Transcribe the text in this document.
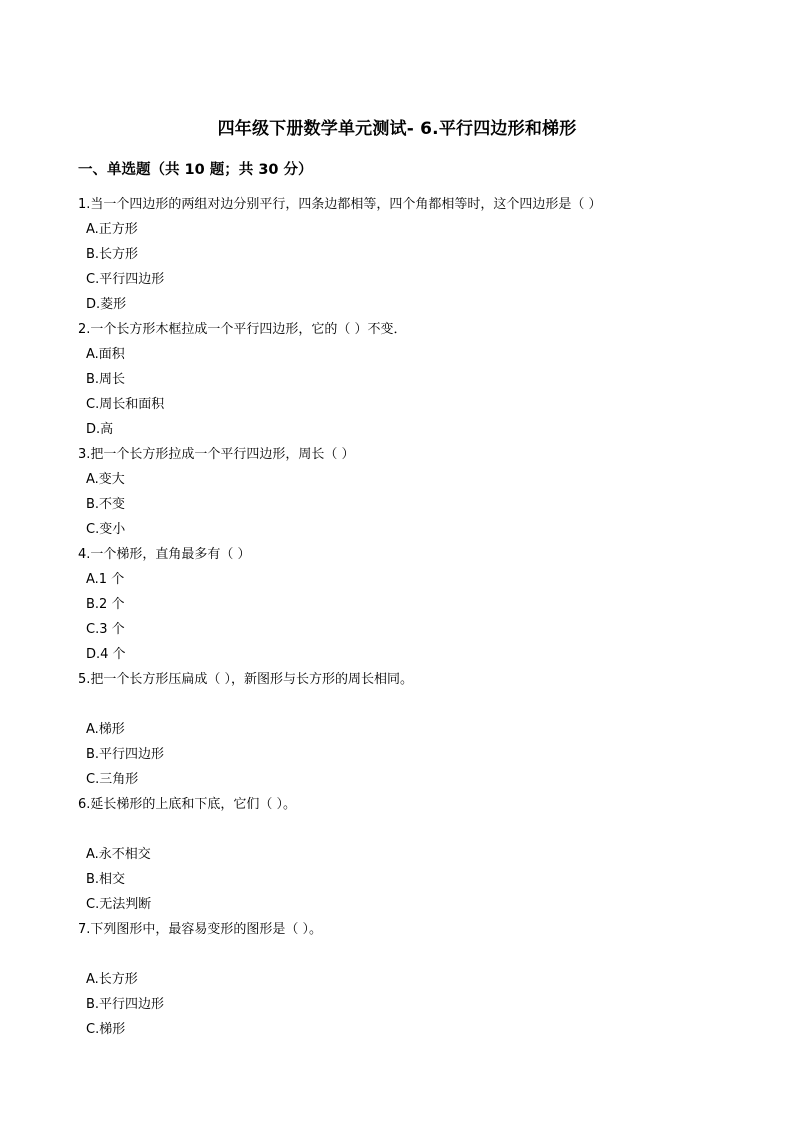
四年级下册数学单元测试- 6.平行四边形和梯形
一、单选题（共 10 题；共 30 分）
1.当一个四边形的两组对边分别平行，四条边都相等，四个角都相等时，这个四边形是（ ）
A.正方形
B.长方形
C.平行四边形
D.菱形
2.一个长方形木框拉成一个平行四边形，它的（ ）不变．
A.面积
B.周长
C.周长和面积
D.高
3.把一个长方形拉成一个平行四边形，周长（ ）
A.变大
B.不变
C.变小
4.一个梯形，直角最多有（ ）
A.1 个
B.2 个
C.3 个
D.4 个
5.把一个长方形压扁成（ ），新图形与长方形的周长相同。
A.梯形
B.平行四边形
C.三角形
6.延长梯形的上底和下底，它们（ ）。
A.永不相交
B.相交
C.无法判断
7.下列图形中，最容易变形的图形是（ ）。
A.长方形
B.平行四边形
C.梯形
